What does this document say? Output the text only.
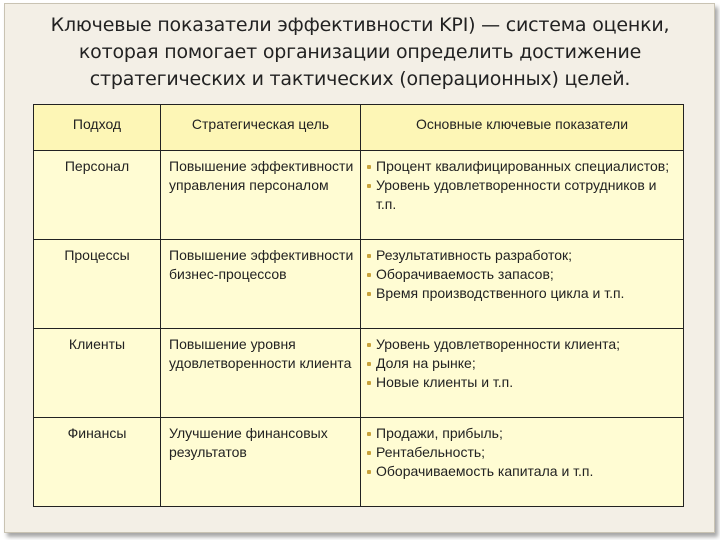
Ключевые показатели эффективности KPI) — система оценки, которая помогает организации определить достижение стратегических и тактических (операционных) целей.
Подход	Стратегическая цель	Основные ключевые показатели
Персонал	Повышение эффективности управления персоналом	Процент квалифицированных специалистов;
Уровень удовлетворенности сотрудников и т.п.

Процессы	Повышение эффективности бизнес-процессов	Результативность разработок;
Оборачиваемость запасов;
Время производственного цикла и т.п.

Клиенты	Повышение уровня удовлетворенности клиента	Уровень удовлетворенности клиента;
Доля на рынке;
Новые клиенты и т.п.

Финансы	Улучшение финансовых результатов	Продажи, прибыль;
Рентабельность;
Оборачиваемость капитала и т.п.
